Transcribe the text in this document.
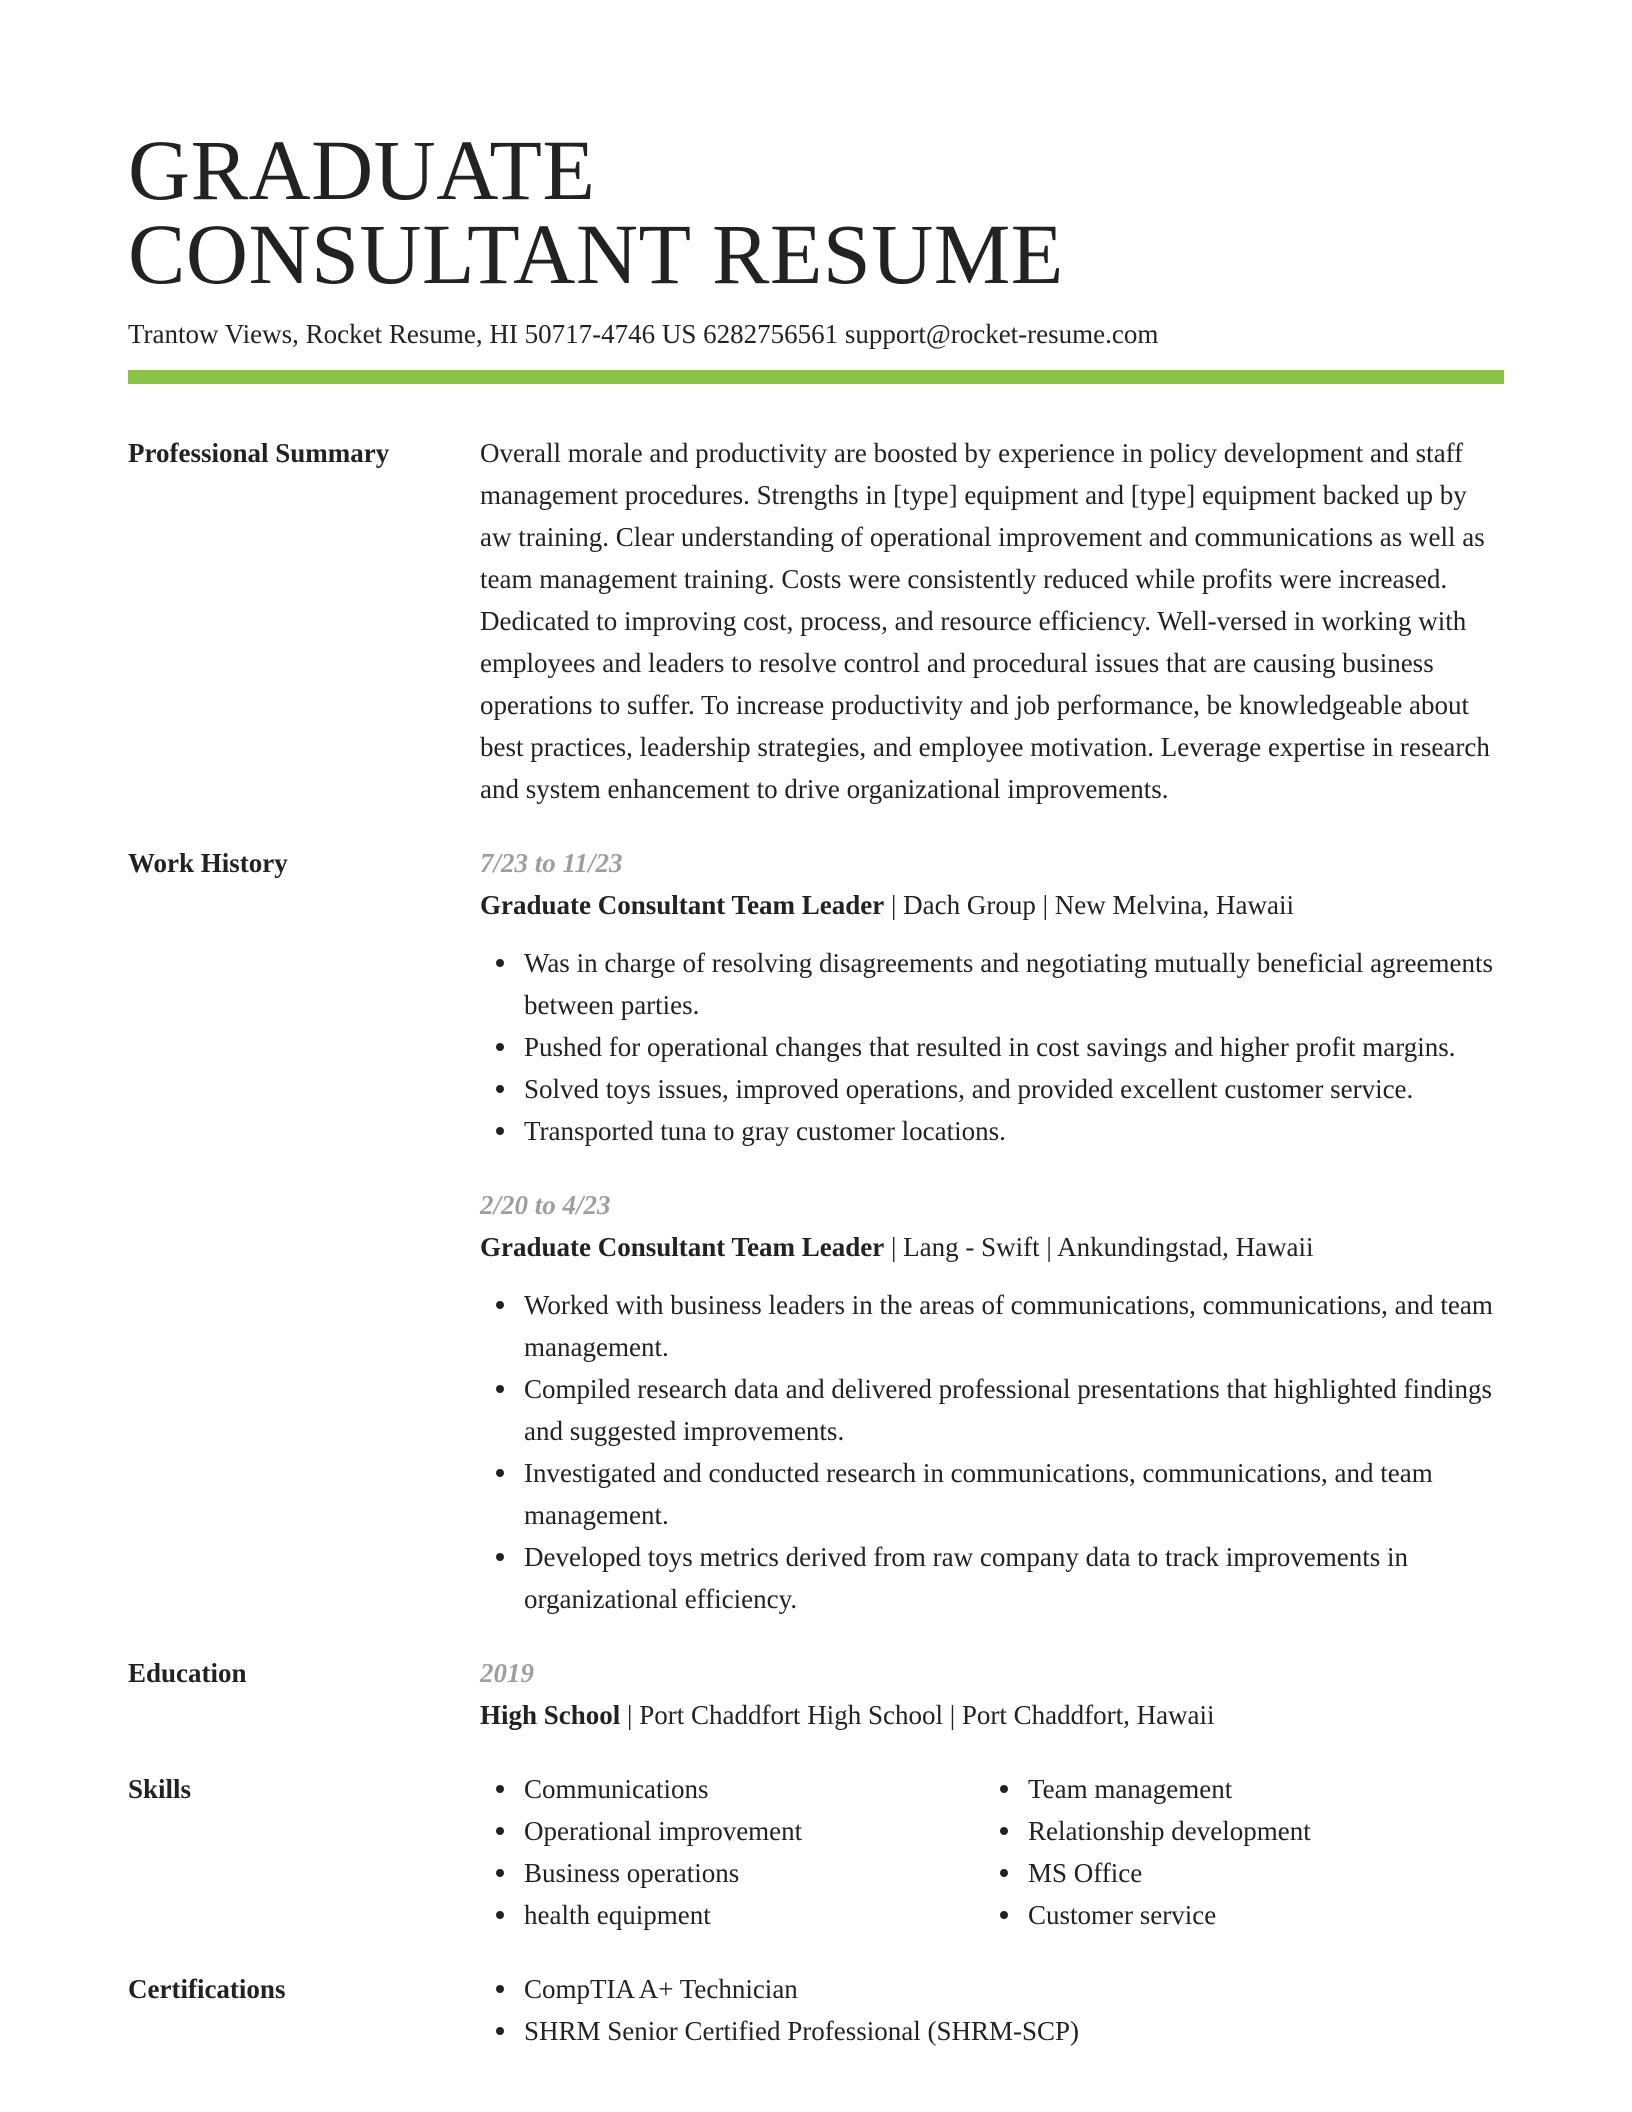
GRADUATE
CONSULTANT RESUME
Trantow Views, Rocket Resume, HI 50717-4746 US 6282756561 support@rocket-resume.com
Professional Summary	Overall morale and productivity are boosted by experience in policy development and staff management procedures. Strengths in [type] equipment and [type] equipment backed up by aw training. Clear understanding of operational improvement and communications as well as team management training. Costs were consistently reduced while profits were increased. Dedicated to improving cost, process, and resource efficiency. Well-versed in working with employees and leaders to resolve control and procedural issues that are causing business operations to suffer. To increase productivity and job performance, be knowledgeable about best practices, leadership strategies, and employee motivation. Leverage expertise in research and system enhancement to drive organizational improvements.
Work History	7/23 to 11/23
Graduate Consultant Team Leader | Dach Group | New Melvina, Hawaii
Was in charge of resolving disagreements and negotiating mutually beneficial agreements between parties.
Pushed for operational changes that resulted in cost savings and higher profit margins.
Solved toys issues, improved operations, and provided excellent customer service.
Transported tuna to gray customer locations.
2/20 to 4/23
Graduate Consultant Team Leader | Lang - Swift | Ankundingstad, Hawaii
Worked with business leaders in the areas of communications, communications, and team management.
Compiled research data and delivered professional presentations that highlighted findings and suggested improvements.
Investigated and conducted research in communications, communications, and team management.
Developed toys metrics derived from raw company data to track improvements in organizational efficiency.
Education	2019
High School | Port Chaddfort High School | Port Chaddfort, Hawaii
Skills	Communications
Operational improvement
Business operations
health equipment
Team management
Relationship development
MS Office
Customer service
Certifications	CompTIA A+ Technician
SHRM Senior Certified Professional (SHRM-SCP)
